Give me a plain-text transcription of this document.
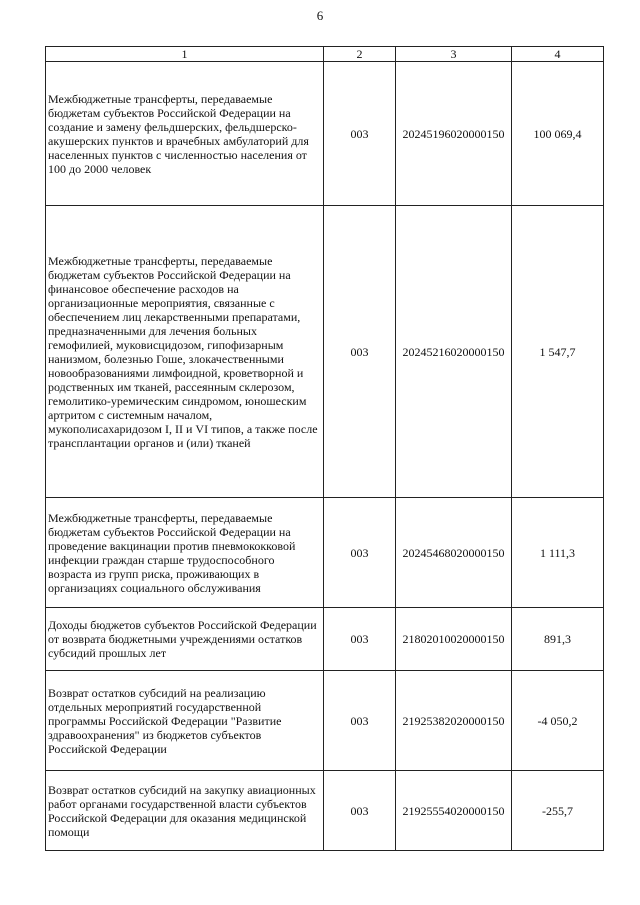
6
1	2	3	4
Межбюджетные трансферты, передаваемые бюджетам субъектов Российской Федерации на создание и замену фельдшерских, фельдшерско-акушерских пунктов и врачебных амбулаторий для населенных пунктов с численностью населения от 100 до 2000 человек	003	20245196020000150	100 069,4
Межбюджетные трансферты, передаваемые бюджетам субъектов Российской Федерации на финансовое обеспечение расходов на организационные мероприятия, связанные с обеспечением лиц лекарственными препаратами, предназначенными для лечения больных гемофилией, муковисцидозом, гипофизарным нанизмом, болезнью Гоше, злокачественными новообразованиями лимфоидной, кроветворной и родственных им тканей, рассеянным склерозом, гемолитико-уремическим синдромом, юношеским артритом с системным началом, мукополисахаридозом I, II и VI типов, а также после трансплантации органов и (или) тканей	003	20245216020000150	1 547,7
Межбюджетные трансферты, передаваемые бюджетам субъектов Российской Федерации на проведение вакцинации против пневмококковой инфекции граждан старше трудоспособного возраста из групп риска, проживающих в организациях социального обслуживания	003	20245468020000150	1 111,3
Доходы бюджетов субъектов Российской Федерации от возврата бюджетными учреждениями остатков субсидий прошлых лет	003	21802010020000150	891,3
Возврат остатков субсидий на реализацию отдельных мероприятий государственной программы Российской Федерации "Развитие здравоохранения" из бюджетов субъектов Российской Федерации	003	21925382020000150	-4 050,2
Возврат остатков субсидий на закупку авиационных работ органами государственной власти субъектов Российской Федерации для оказания медицинской помощи	003	21925554020000150	-255,7
